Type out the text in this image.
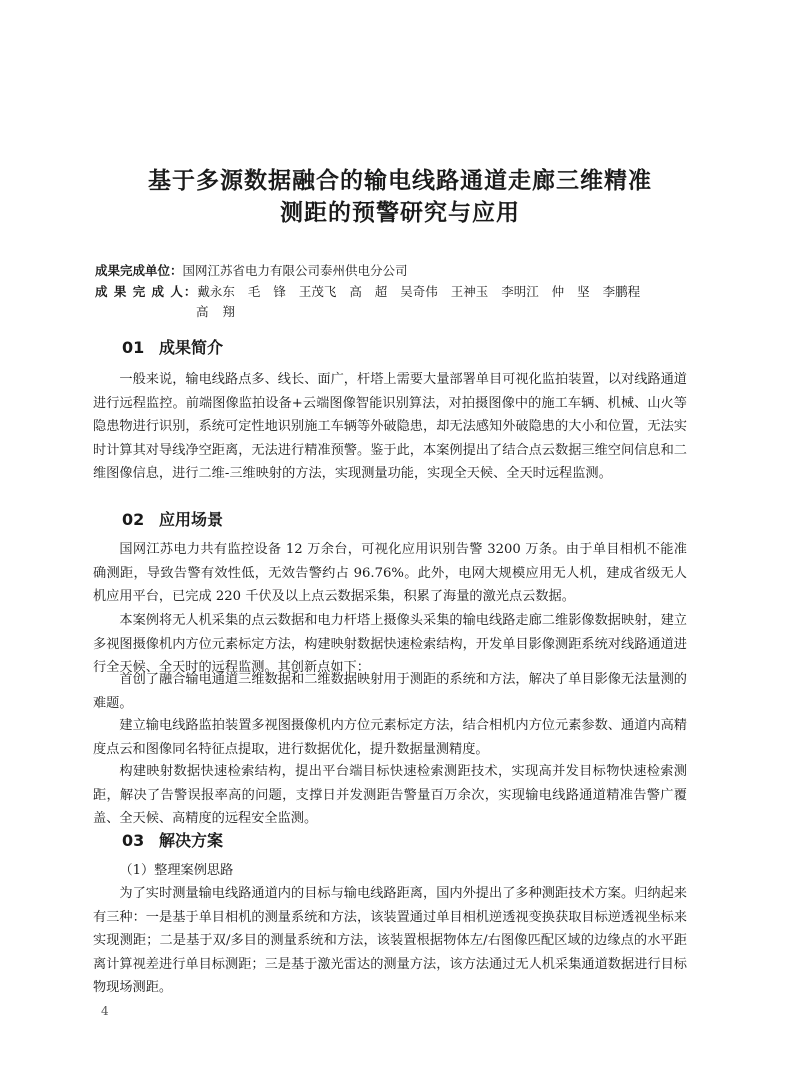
基于多源数据融合的输电线路通道走廊三维精准
测距的预警研究与应用
成果完成单位：国网江苏省电力有限公司泰州供电分公司
成 果 完 成 人：戴永东 毛 锋 王茂飞 高 超 吴奇伟 王神玉 李明江 仲 坚 李鹏程
高翔
01 成果简介

一般来说，输电线路点多、线长、面广，杆塔上需要大量部署单目可视化监拍装置，以对线路通道进行远程监控。前端图像监拍设备+云端图像智能识别算法，对拍摄图像中的施工车辆、机械、山火等隐患物进行识别，系统可定性地识别施工车辆等外破隐患，却无法感知外破隐患的大小和位置，无法实时计算其对导线净空距离，无法进行精准预警。鉴于此，本案例提出了结合点云数据三维空间信息和二维图像信息，进行二维-三维映射的方法，实现测量功能，实现全天候、全天时远程监测。

02 应用场景

国网江苏电力共有监控设备 12 万余台，可视化应用识别告警 3200 万条。由于单目相机不能准确测距，导致告警有效性低，无效告警约占 96.76%。此外，电网大规模应用无人机，建成省级无人机应用平台，已完成 220 千伏及以上点云数据采集，积累了海量的激光点云数据。

本案例将无人机采集的点云数据和电力杆塔上摄像头采集的输电线路走廊二维影像数据映射，建立多视图摄像机内方位元素标定方法，构建映射数据快速检索结构，开发单目影像测距系统对线路通道进行全天候、全天时的远程监测。其创新点如下：

首创了融合输电通道三维数据和二维数据映射用于测距的系统和方法，解决了单目影像无法量测的难题。

建立输电线路监拍装置多视图摄像机内方位元素标定方法，结合相机内方位元素参数、通道内高精度点云和图像同名特征点提取，进行数据优化，提升数据量测精度。

构建映射数据快速检索结构，提出平台端目标快速检索测距技术，实现高并发目标物快速检索测距，解决了告警误报率高的问题，支撑日并发测距告警量百万余次，实现输电线路通道精准告警广覆盖、全天候、高精度的远程安全监测。

03 解决方案

（1）整理案例思路

为了实时测量输电线路通道内的目标与输电线路距离，国内外提出了多种测距技术方案。归纳起来有三种：一是基于单目相机的测量系统和方法，该装置通过单目相机逆透视变换获取目标逆透视坐标来实现测距；二是基于双/多目的测量系统和方法，该装置根据物体左/右图像匹配区域的边缘点的水平距离计算视差进行单目标测距；三是基于激光雷达的测量方法，该方法通过无人机采集通道数据进行目标物现场测距。

4
